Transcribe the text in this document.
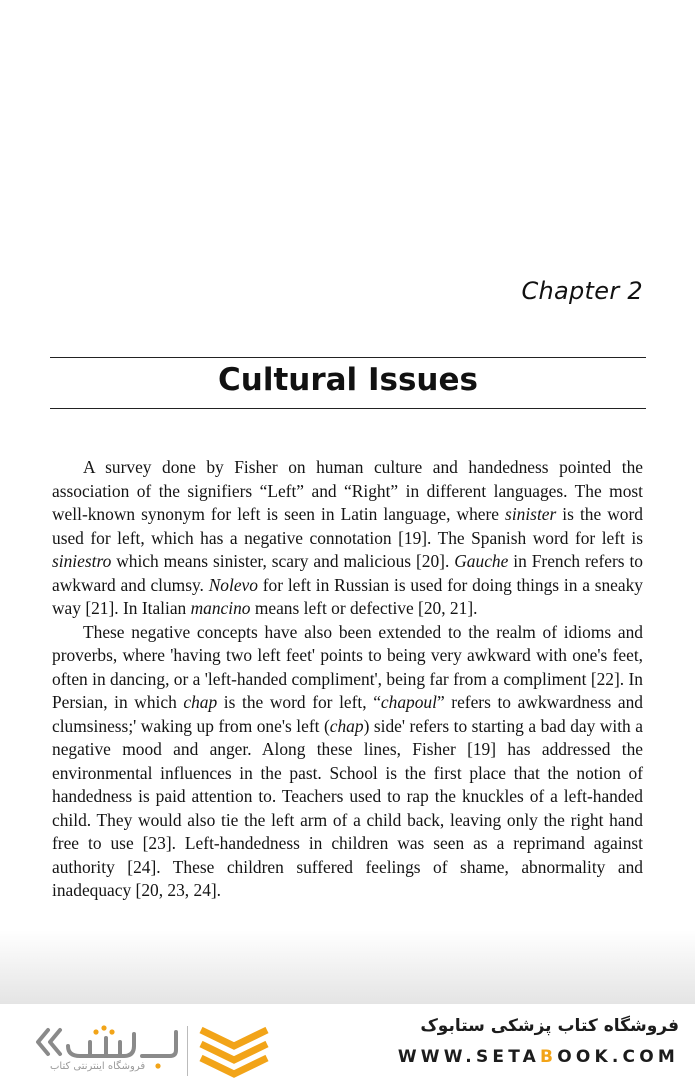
Chapter 2
Cultural Issues

A survey done by Fisher on human culture and handedness pointed the association of the signifiers “Left” and “Right” in different languages. The most well-known synonym for left is seen in Latin language, where sinister is the word used for left, which has a negative connotation [19]. The Spanish word for left is siniestro which means sinister, scary and malicious [20]. Gauche in French refers to awkward and clumsy. Nolevo for left in Russian is used for doing things in a sneaky way [21]. In Italian mancino means left or defective [20, 21].

These negative concepts have also been extended to the realm of idioms and proverbs, where 'having two left feet' points to being very awkward with one's feet, often in dancing, or a 'left-handed compliment', being far from a compliment [22]. In Persian, in which chap is the word for left, “chapoul” refers to awkwardness and clumsiness;' waking up from one's left (chap) side' refers to starting a bad day with a negative mood and anger. Along these lines, Fisher [19] has addressed the environmental influences in the past. School is the first place that the notion of handedness is paid attention to. Teachers used to rap the knuckles of a left-handed child. They would also tie the left arm of a child back, leaving only the right hand free to use [23]. Left-handedness in children was seen as a reprimand against authority [24]. These children suffered feelings of shame, abnormality and inadequacy [20, 23, 24].

فروشگاه اینترنتی کتاب
فروشگاه کتاب پزشکی ستابوک
WWW.SETABOOK.COM
